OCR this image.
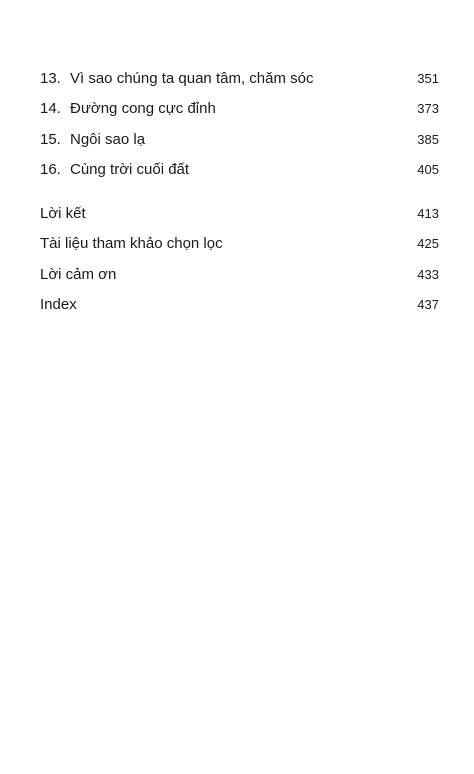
13. Vì sao chúng ta quan tâm, chăm sóc	351
14. Đường cong cực đỉnh	373
15. Ngôi sao lạ	385
16. Cùng trời cuối đất	405
Lời kết	413
Tài liệu tham khảo chọn lọc	425
Lời cảm ơn	433
Index	437
